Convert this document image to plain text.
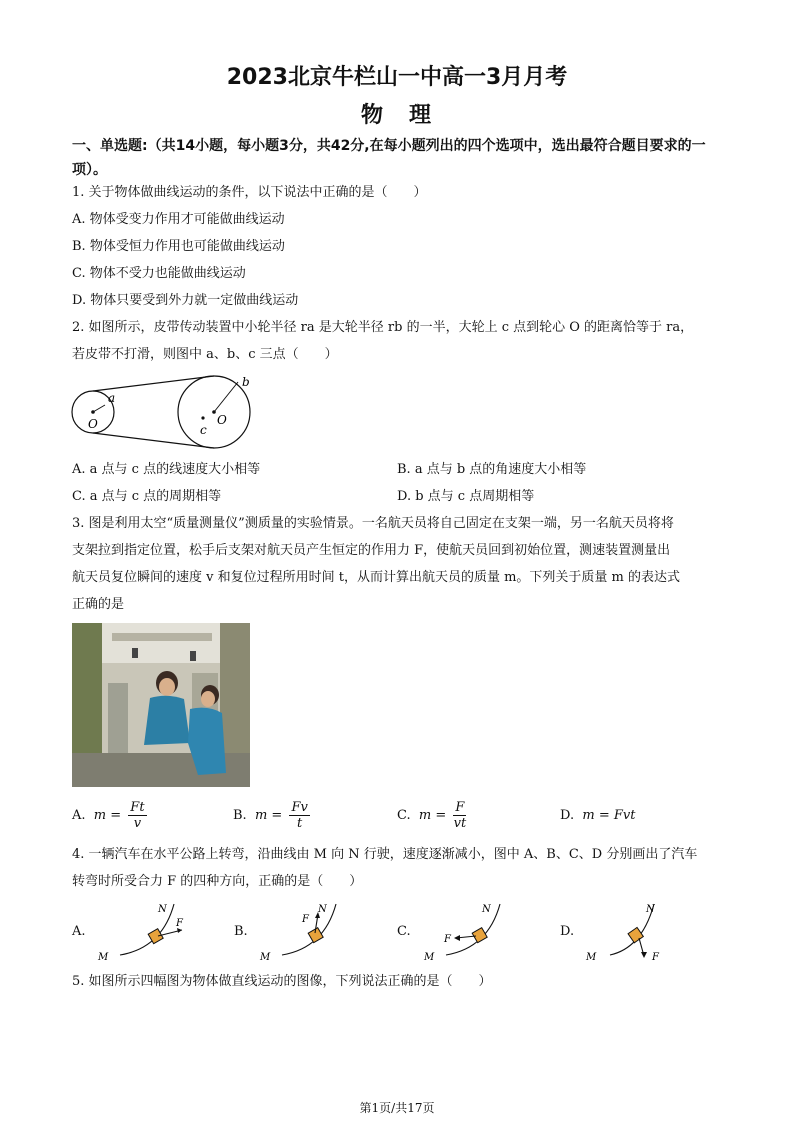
2023北京牛栏山一中高一3月月考
物　理
一、单选题:（共14小题，每小题3分，共42分,在每小题列出的四个选项中，选出最符合题目要求的一项）。
1. 关于物体做曲线运动的条件，以下说法中正确的是（　　）
A. 物体受变力作用才可能做曲线运动
B. 物体受恒力作用也可能做曲线运动
C. 物体不受力也能做曲线运动
D. 物体只要受到外力就一定做曲线运动
2. 如图所示，皮带传动装置中小轮半径 ra 是大轮半径 rb 的一半，大轮上 c 点到轮心 O 的距离恰等于 ra，
若皮带不打滑，则图中 a、b、c 三点（　　）
a
b
c
O	O
A. a 点与 c 点的线速度大小相等	B. a 点与 b 点的角速度大小相等
C. a 点与 c 点的周期相等	D. b 点与 c 点周期相等
3. 图是利用太空“质量测量仪”测质量的实验情景。一名航天员将自己固定在支架一端，另一名航天员将将
支架拉到指定位置，松手后支架对航天员产生恒定的作用力 F，使航天员回到初始位置，测速装置测量出
航天员复位瞬间的速度 v 和复位过程所用时间 t，从而计算出航天员的质量 m。下列关于质量 m 的表达式
正确的是
A. $m = \frac{Ft}{v}$	B. $m = \frac{Fv}{t}$	C. $m = \frac{F}{vt}$	D. m = Fvt
4. 一辆汽车在水平公路上转弯，沿曲线由 M 向 N 行驶，速度逐渐减小，图中 A、B、C、D 分别画出了汽车
转弯时所受合力 F 的四种方向，正确的是（　　）
A.
N
F
M
B.
N
F
M
C.
N
F
M
D.
N
F
M
5. 如图所示四幅图为物体做直线运动的图像，下列说法正确的是（　　）
第1页/共17页
